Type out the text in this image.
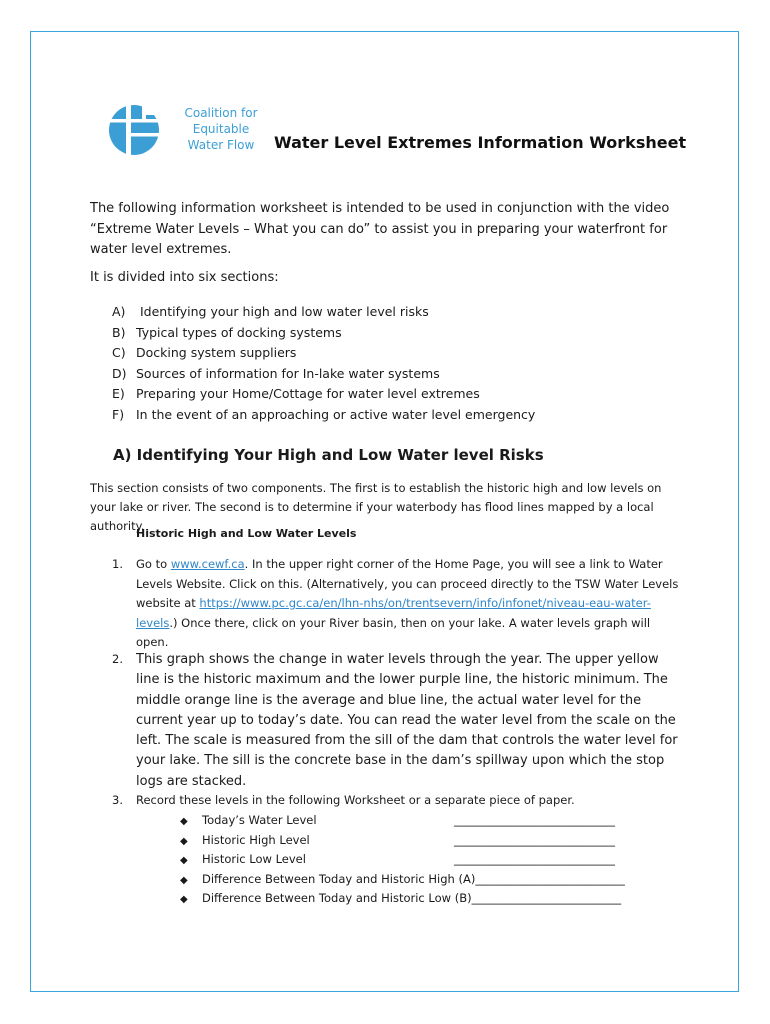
Coalition for
Equitable
Water Flow	Water Level Extremes Information Worksheet
The following information worksheet is intended to be used in conjunction with the video “Extreme Water Levels – What you can do” to assist you in preparing your waterfront for water level extremes.
It is divided into six sections:
A) Identifying your high and low water level risks
B) Typical types of docking systems
C) Docking system suppliers
D) Sources of information for In-lake water systems
E) Preparing your Home/Cottage for water level extremes
F) In the event of an approaching or active water level emergency
A) Identifying Your High and Low Water level Risks
This section consists of two components. The first is to establish the historic high and low levels on your lake or river. The second is to determine if your waterbody has flood lines mapped by a local authority.
Historic High and Low Water Levels
1. Go to www.cewf.ca. In the upper right corner of the Home Page, you will see a link to Water Levels Website. Click on this. (Alternatively, you can proceed directly to the TSW Water Levels website at https://www.pc.gc.ca/en/lhn-nhs/on/trentsevern/info/infonet/niveau-eau-water-levels.) Once there, click on your River basin, then on your lake. A water levels graph will open.
2. This graph shows the change in water levels through the year. The upper yellow line is the historic maximum and the lower purple line, the historic minimum. The middle orange line is the average and blue line, the actual water level for the current year up to today’s date. You can read the water level from the scale on the left. The scale is measured from the sill of the dam that controls the water level for your lake. The sill is the concrete base in the dam’s spillway upon which the stop logs are stacked.
3. Record these levels in the following Worksheet or a separate piece of paper.
◆ Today’s Water Level	____________________________
◆ Historic High Level	____________________________
◆ Historic Low Level	____________________________
◆ Difference Between Today and Historic High (A)__________________________
◆ Difference Between Today and Historic Low (B)__________________________
